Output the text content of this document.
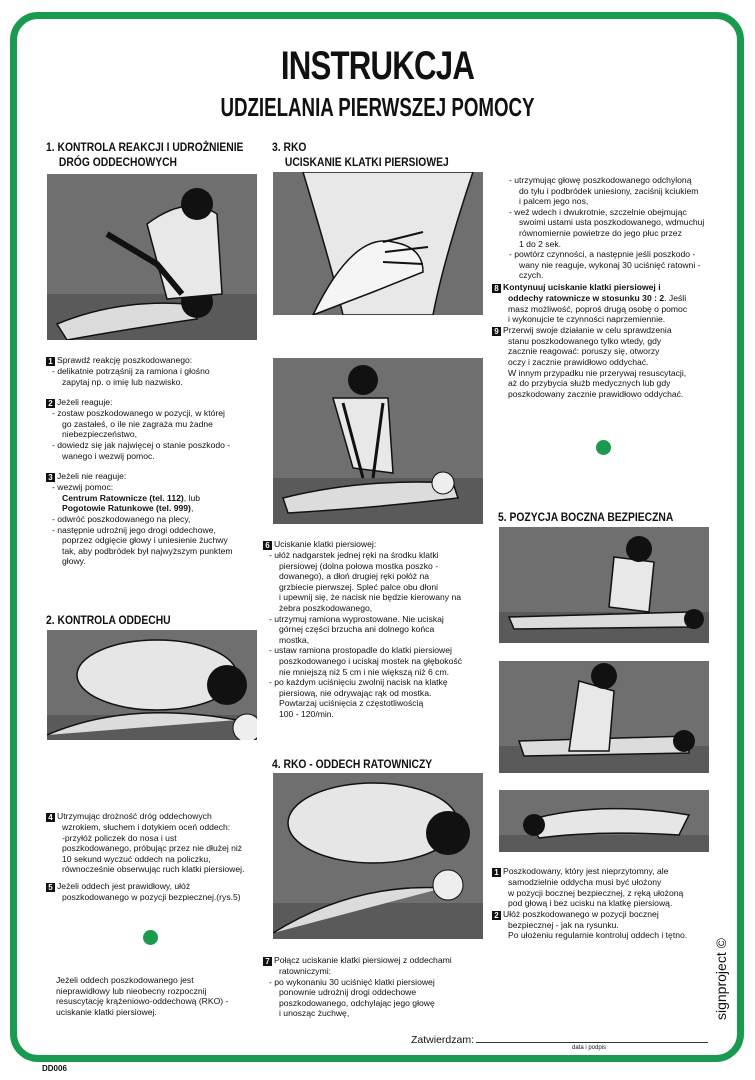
INSTRUKCJA
UDZIELANIA PIERWSZEJ POMOCY
1. KONTROLA REAKCJI I UDROŻNIENIE
DRÓG ODDECHOWYCH
2. KONTROLA ODDECHU
3. RKO
UCISKANIE KLATKI PIERSIOWEJ
4. RKO - ODDECH RATOWNICZY
5. POZYCJA BOCZNA BEZPIECZNA

1 Sprawdź reakcję poszkodowanego:

- delikatnie potrząśnij za ramiona i głośno

zapytaj np. o imię lub nazwisko.

2 Jeżeli reaguje:

- zostaw poszkodowanego w pozycji, w której

go zastałeś, o ile nie zagraża mu żadne

niebezpieczeństwo,

- dowiedz się jak najwięcej o stanie poszkodo -

wanego i wezwij pomoc.

3 Jeżeli nie reaguje:

- wezwij pomoc:

Centrum Ratownicze (tel. 112), lub

Pogotowie Ratunkowe (tel. 999),

- odwróć poszkodowanego na plecy,

- następnie udrożnij jego drogi oddechowe,

poprzez odgięcie głowy i uniesienie żuchwy

tak, aby podbródek był najwyższym punktem

głowy.

4 Utrzymując drożność dróg oddechowych

wzrokiem, słuchem i dotykiem oceń oddech:

-przyłóż policzek do nosa i ust

poszkodowanego, próbując przez nie dłużej niż

10 sekund wyczuć oddech na policzku,

równocześnie obserwując ruch klatki piersiowej.

5 Jeżeli oddech jest prawidłowy, ułóż

poszkodowanego w pozycji bezpiecznej.(rys.5)

Jeżeli oddech poszkodowanego jest

nieprawidłowy lub nieobecny rozpocznij

resuscytację krążeniowo-oddechową (RKO) -

uciskanie klatki piersiowej.

6 Uciskanie klatki piersiowej:

- ułóż nadgarstek jednej ręki na środku klatki

piersiowej (dolna połowa mostka poszko -

dowanego), a dłoń drugiej ręki połóż na

grzbiecie pierwszej. Spleć palce obu dłoni

i upewnij się, że nacisk nie będzie kierowany na

żebra poszkodowanego,

- utrzymuj ramiona wyprostowane. Nie uciskaj

górnej części brzucha ani dolnego końca

mostka,

- ustaw ramiona prostopadle do klatki piersiowej

poszkodowanego i uciskaj mostek na głębokość

nie mniejszą niż 5 cm i nie większą niż 6 cm.

- po każdym uciśnięciu zwolnij nacisk na klatkę

piersiową, nie odrywając rąk od mostka.

Powtarzaj uciśnięcia z częstotliwością

100 - 120/min.

7 Połącz uciskanie klatki piersiowej z oddechami

ratowniczymi:

- po wykonaniu 30 uciśnięć klatki piersiowej

ponownie udrożnij drogi oddechowe

poszkodowanego, odchylając jego głowę

i unosząc żuchwę,

- utrzymując głowę poszkodowanego odchyloną

do tyłu i podbródek uniesiony, zaciśnij kciukiem

i palcem jego nos,

- weź wdech i dwukrotnie, szczelnie obejmując

swoimi ustami usta poszkodowanego, wdmuchuj

równomiernie powietrze do jego płuc przez

1 do 2 sek.

- powtórz czynności, a następnie jeśli poszkodo -

wany nie reaguje, wykonaj 30 uciśnięć ratowni -

czych.

8 Kontynuuj uciskanie klatki piersiowej i

oddechy ratownicze w stosunku 30 : 2. Jeśli

masz możliwość, poproś drugą osobę o pomoc

i wykonujcie te czynności naprzemiennie.

9 Przerwij swoje działanie w celu sprawdzenia

stanu poszkodowanego tylko wtedy, gdy

zacznie reagować: poruszy się, otworzy

oczy i zacznie prawidłowo oddychać.

W innym przypadku nie przerywaj resuscytacji,

aż do przybycia służb medycznych lub gdy

poszkodowany zacznie prawidłowo oddychać.

1 Poszkodowany, który jest nieprzytomny, ale

samodzielnie oddycha musi być ułożony

w pozycji bocznej bezpiecznej, z ręką ułożoną

pod głową i bez ucisku na klatkę piersiową.

2 Ułóż poszkodowanego w pozycji bocznej

bezpiecznej - jak na rysunku.

Po ułożeniu regularnie kontroluj oddech i tętno.

Zatwierdzam:
data i podpis
signproject ©
DD006
